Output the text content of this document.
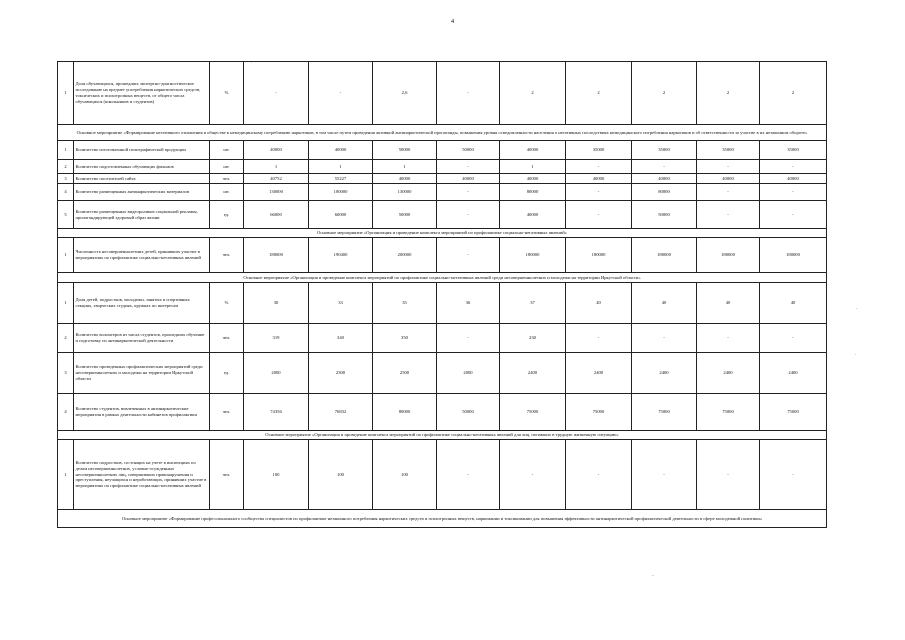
4
.
.
.
-
1	Доля обучающихся, прошедших экспертно-диагностическое исследование на предмет употребления наркотических средств, токсических и психотропных веществ, от общего числа обучающихся (школьников и студентов)	%	-	-	2,6	-	2	2	2	2	2
Основное мероприятие «Формирование негативного отношения в обществе к немедицинскому потреблению наркотиков, в том числе путем проведения активной антинаркотической пропаганды, повышения уровня осведомленности населения о негативных последствиях немедицинского потребления наркотиков и об ответственности за участие в их незаконном обороте»											
1	Количество изготовленной полиграфической продукции	шт.	40000	40000	50000	50000	40000	35000	35000	35000	35000
2	Количество подготовленных обучающих фильмов	шт.	1	1	1	-	1	-	-	-	-
3	Количество посетителей сайта	чел.	40752	55227	40000	40000	40000	40000	40000	40000	40000
4	Количество размещенных антинаркотических материалов	шт.	130000	100000	130000	-	80000	-	80000	-	-
5	Количество размещенных видеороликов социальной рекламы, пропагандирующей здоровый образ жизни	ед.	66000	60000	50000	-	40000	-	50000	-	-
Основное мероприятие «Организация и проведение комплекса мероприятий по профилактике социально-негативных явлений»											
1	Численность несовершеннолетних детей, принявших участие в мероприятиях по профилактике социально-негативных явлений	чел.	180000	190400	200000	-	180000	180000	180000	180000	180000
Основное мероприятие «Организация и проведение комплекса мероприятий по профилактике социально-негативных явлений среди несовершеннолетних и молодежи на территории Иркутской области»											
1	Доля детей, подростков, молодежи, занятых в спортивных секциях, творческих студиях, кружках по интересам	%	30	33	35	36	37	40	40	40	40
2	Количество волонтеров из числа студентов, прошедших обучение и подготовку по антинаркотической деятельности	чел.	319	340	350	-	230	-	-	-	-
3	Количество проведенных профилактических мероприятий среди несовершеннолетних и молодежи на территории Иркутской области	ед.	2000	2300	2500	2000	2400	2400	2400	2400	2400
4	Количество студентов, вовлеченных в антинаркотические мероприятия в рамках деятельности кабинетов профилактики	чел.	74356	76832	80000	50000	75000	75000	75000	75000	75000
Основное мероприятие «Организация и проведение комплекса мероприятий по профилактике социально-негативных явлений для лиц, попавших в трудную жизненную ситуацию»											
1	Количество подростков, состоящих на учете в инспекциях по делам несовершеннолетних, условно-осужденных несовершеннолетних лиц, совершивших правонарушения и преступления, неучащихся и неработающих, принявших участие в мероприятиях по профилактике социально-негативных явлений	чел.	100	100	100	-	-	-	-	-	-
Основное мероприятие «Формирование профессионального сообщества специалистов по профилактике незаконного потребления наркотических средств и психотропных веществ, наркомании и токсикомании для повышения эффективности антинаркотической профилактической деятельности в сфере молодежной политики»											
